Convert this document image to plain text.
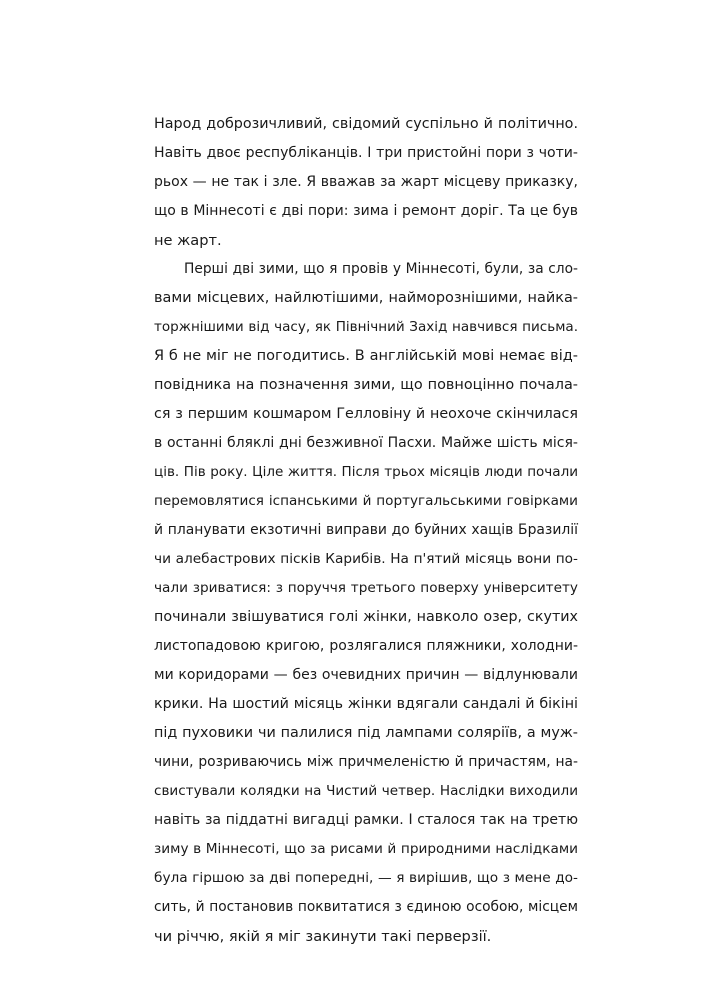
Народ доброзичливий, свідомий суспільно й політично.
Навіть двоє республіканців. І три пристойні пори з чоти-
рьох — не так і зле. Я вважав за жарт місцеву приказку,
що в Міннесоті є дві пори: зима і ремонт доріг. Та це був
не жарт.
Перші дві зими, що я провів у Міннесоті, були, за сло-
вами місцевих, найлютішими, найморознішими, найка-
торжнішими від часу, як Північний Захід навчився письма.
Я б не міг не погодитись. В англійській мові немає від-
повідника на позначення зими, що повноцінно почала-
ся з першим кошмаром Гелловіну й неохоче скінчилася
в останні бляклі дні безживної Пасхи. Майже шість міся-
ців. Пів року. Ціле життя. Після трьох місяців люди почали
перемовлятися іспанськими й португальськими говірками
й планувати екзотичні виправи до буйних хащів Бразилії
чи алебастрових пісків Карибів. На п'ятий місяць вони по-
чали зриватися: з поруччя третього поверху університету
починали звішуватися голі жінки, навколо озер, скутих
листопадовою кригою, розлягалися пляжники, холодни-
ми коридорами — без очевидних причин — відлунювали
крики. На шостий місяць жінки вдягали сандалі й бікіні
під пуховики чи палилися під лампами соляріїв, а муж-
чини, розриваючись між причмеленістю й причастям, на-
свистували колядки на Чистий четвер. Наслідки виходили
навіть за піддатні вигадці рамки. І сталося так на третю
зиму в Міннесоті, що за рисами й природними наслідками
була гіршою за дві попередні, — я вирішив, що з мене до-
сить, й постановив поквитатися з єдиною особою, місцем
чи річчю, якій я міг закинути такі перверзії.
